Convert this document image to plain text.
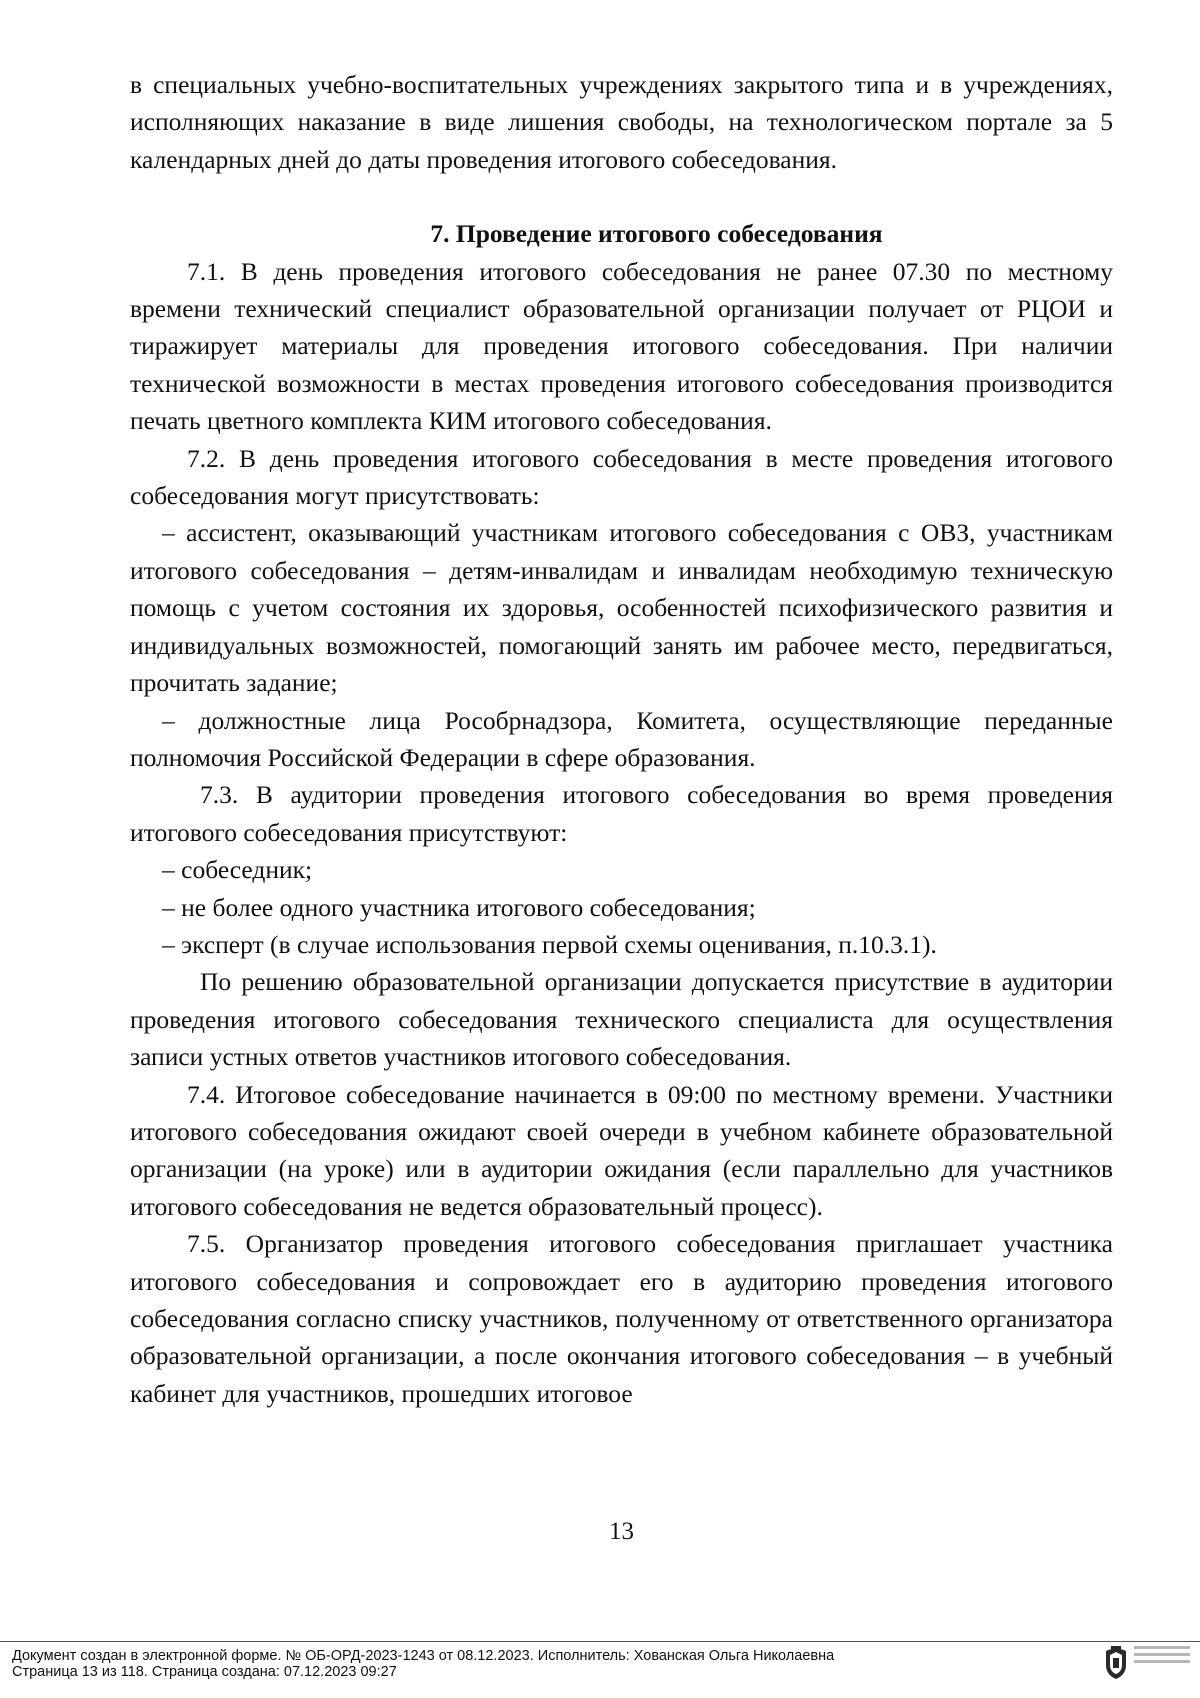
в специальных учебно-воспитательных учреждениях закрытого типа и в учреждениях, исполняющих наказание в виде лишения свободы, на технологическом портале за 5 календарных дней до даты проведения итогового собеседования.

7. Проведение итогового собеседования

7.1. В день проведения итогового собеседования не ранее 07.30 по местному времени технический специалист образовательной организации получает от РЦОИ и тиражирует материалы для проведения итогового собеседования. При наличии технической возможности в местах проведения итогового собеседования производится печать цветного комплекта КИМ итогового собеседования.

7.2. В день проведения итогового собеседования в месте проведения итогового собеседования могут присутствовать:

– ассистент, оказывающий участникам итогового собеседования с ОВЗ, участникам итогового собеседования – детям-инвалидам и инвалидам необходимую техническую помощь с учетом состояния их здоровья, особенностей психофизического развития и индивидуальных возможностей, помогающий занять им рабочее место, передвигаться, прочитать задание;

– должностные лица Рособрнадзора, Комитета, осуществляющие переданные полномочия Российской Федерации в сфере образования.

7.3. В аудитории проведения итогового собеседования во время проведения итогового собеседования присутствуют:

– собеседник;

– не более одного участника итогового собеседования;

– эксперт (в случае использования первой схемы оценивания, п.10.3.1).

По решению образовательной организации допускается присутствие в аудитории проведения итогового собеседования технического специалиста для осуществления записи устных ответов участников итогового собеседования.

7.4. Итоговое собеседование начинается в 09:00 по местному времени. Участники итогового собеседования ожидают своей очереди в учебном кабинете образовательной организации (на уроке) или в аудитории ожидания (если параллельно для участников итогового собеседования не ведется образовательный процесс).

7.5. Организатор проведения итогового собеседования приглашает участника итогового собеседования и сопровождает его в аудиторию проведения итогового собеседования согласно списку участников, полученному от ответственного организатора образовательной организации, а после окончания итогового собеседования – в учебный кабинет для участников, прошедших итоговое

13
Документ создан в электронной форме. № ОБ-ОРД-2023-1243 от 08.12.2023. Исполнитель: Хованская Ольга Николаевна
Страница 13 из 118. Страница создана: 07.12.2023 09:27
